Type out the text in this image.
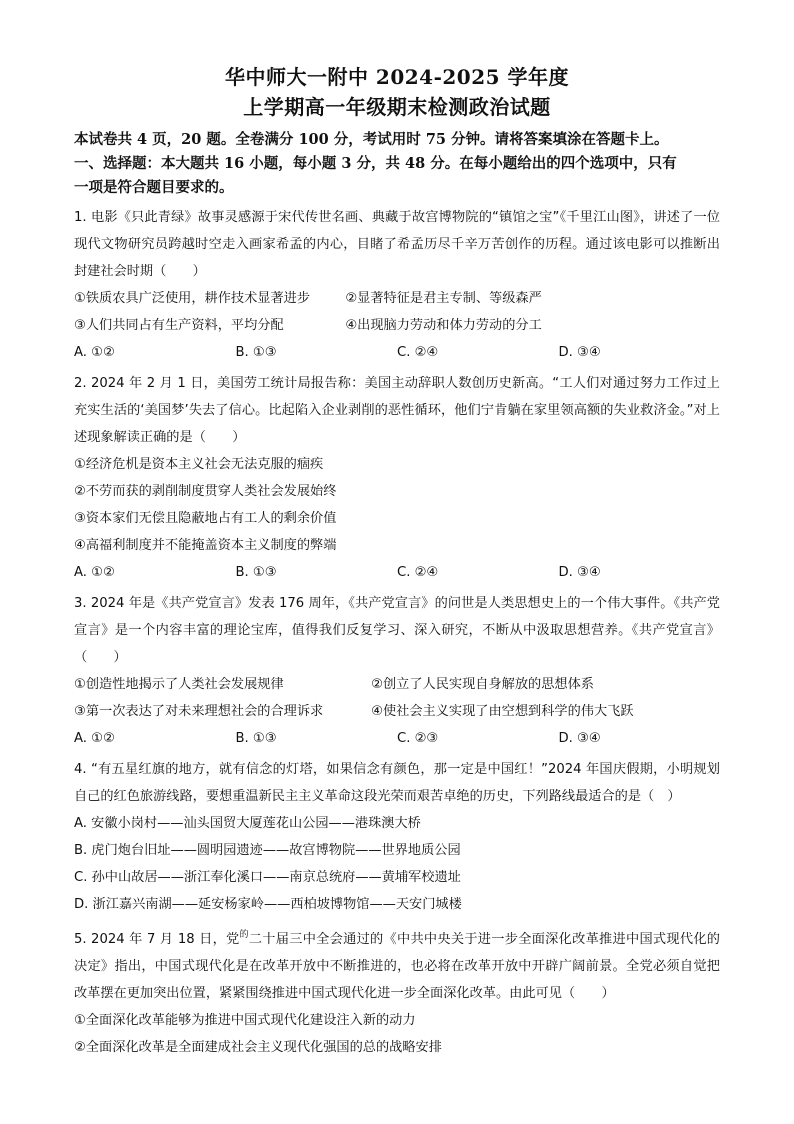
华中师大一附中 2024-2025 学年度

上学期高一年级期末检测政治试题

本试卷共 4 页，20 题。全卷满分 100 分，考试用时 75 分钟。请将答案填涂在答题卡上。

一、选择题：本大题共 16 小题，每小题 3 分，共 48 分。在每小题给出的四个选项中，只有

一项是符合题目要求的。

1. 电影《只此青绿》故事灵感源于宋代传世名画、典藏于故宫博物院的“镇馆之宝”《千里江山图》，讲述了一位现代文物研究员跨越时空走入画家希孟的内心，目睹了希孟历尽千辛万苦创作的历程。通过该电影可以推断出封建社会时期（　　）

①铁质农具广泛使用，耕作技术显著进步	②显著特征是君主专制、等级森严
③人们共同占有生产资料，平均分配	④出现脑力劳动和体力劳动的分工
A. ①②	B. ①③	C. ②④	D. ③④

2. 2024 年 2 月 1 日，美国劳工统计局报告称：美国主动辞职人数创历史新高。“工人们对通过努力工作过上充实生活的‘美国梦’失去了信心。比起陷入企业剥削的恶性循环，他们宁肯躺在家里领高额的失业救济金。”对上述现象解读正确的是（　　）

①经济危机是资本主义社会无法克服的痼疾

②不劳而获的剥削制度贯穿人类社会发展始终

③资本家们无偿且隐蔽地占有工人的剩余价值

④高福利制度并不能掩盖资本主义制度的弊端

A. ①②	B. ①③	C. ②④	D. ③④

3. 2024 年是《共产党宣言》发表 176 周年，《共产党宣言》的问世是人类思想史上的一个伟大事件。《共产党宣言》是一个内容丰富的理论宝库，值得我们反复学习、深入研究，不断从中汲取思想营养。《共产党宣言》（　　）

①创造性地揭示了人类社会发展规律	②创立了人民实现自身解放的思想体系
③第一次表达了对未来理想社会的合理诉求	④使社会主义实现了由空想到科学的伟大飞跃
A. ①②	B. ①③	C. ②③	D. ③④

4. “有五星红旗的地方，就有信念的灯塔，如果信念有颜色，那一定是中国红！”2024 年国庆假期，小明规划自己的红色旅游线路，要想重温新民主主义革命这段光荣而艰苦卓绝的历史，下列路线最适合的是（　）

A. 安徽小岗村——汕头国贸大厦莲花山公园——港珠澳大桥

B. 虎门炮台旧址——圆明园遗迹——故宫博物院——世界地质公园

C. 孙中山故居——浙江奉化溪口——南京总统府——黄埔军校遗址

D. 浙江嘉兴南湖——延安杨家岭——西柏坡博物馆——天安门城楼

5. 2024 年 7 月 18 日，党$^的$二十届三中全会通过的《中共中央关于进一步全面深化改革推进中国式现代化的决定》指出，中国式现代化是在改革开放中不断推进的，也必将在改革开放中开辟广阔前景。全党必须自觉把改革摆在更加突出位置，紧紧围绕推进中国式现代化进一步全面深化改革。由此可见（　　）

①全面深化改革能够为推进中国式现代化建设注入新的动力

②全面深化改革是全面建成社会主义现代化强国的总的战略安排
